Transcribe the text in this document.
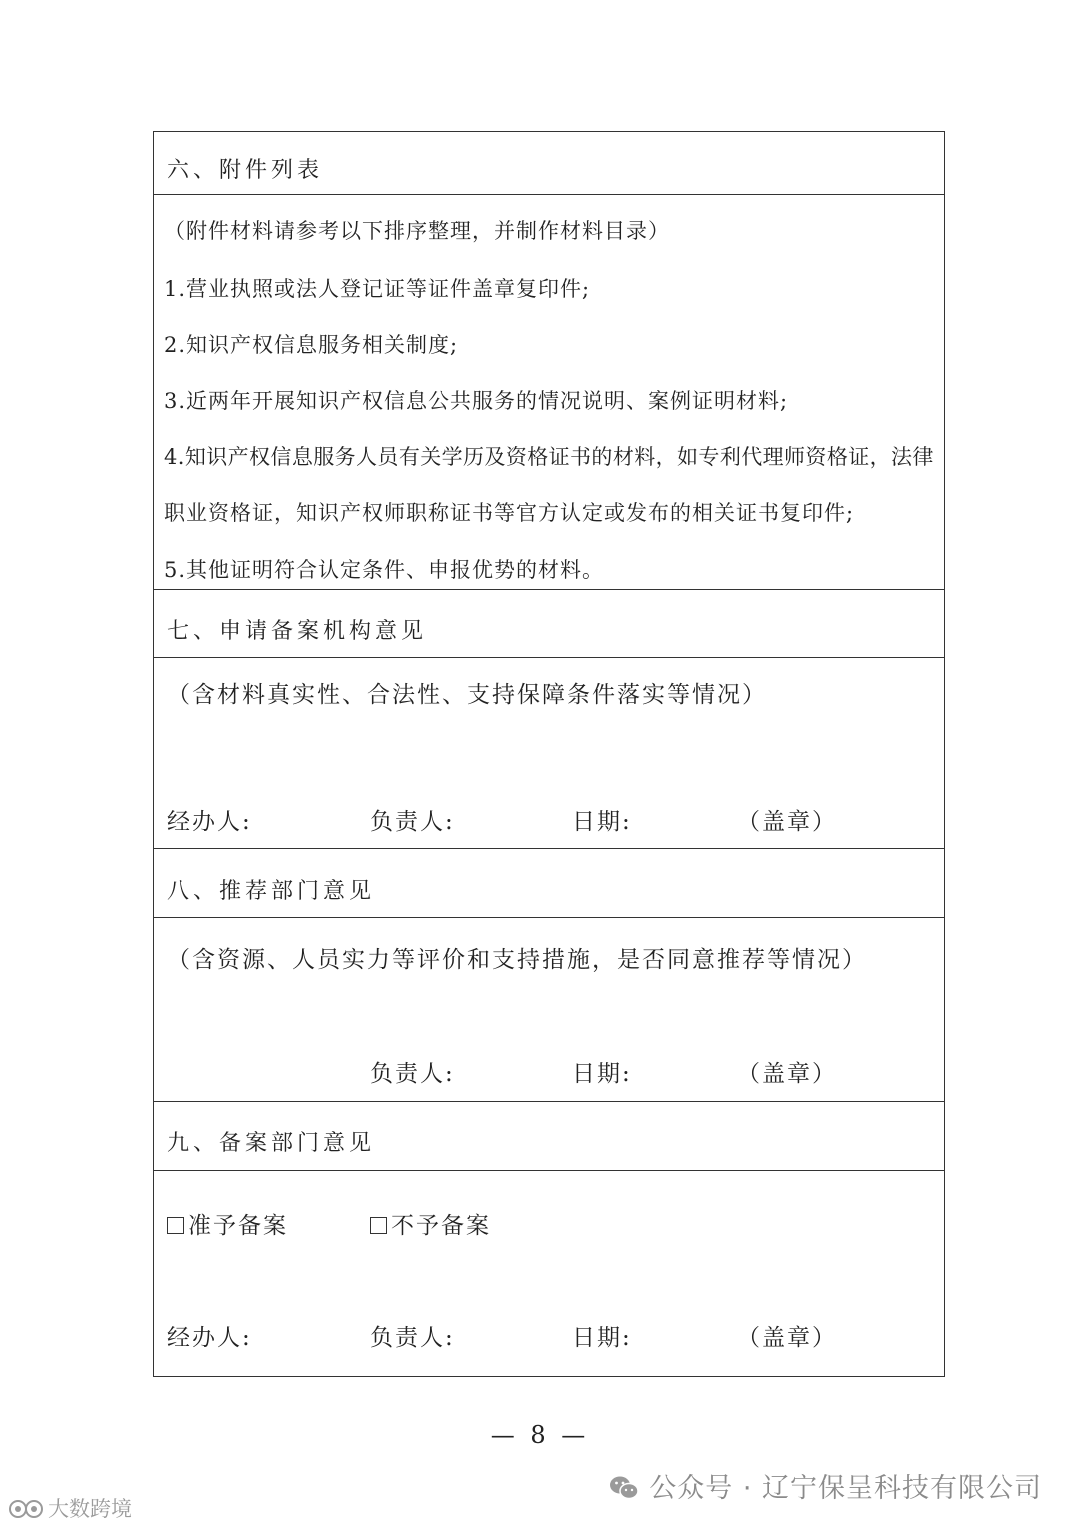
六、附件列表
（附件材料请参考以下排序整理，并制作材料目录）
1.营业执照或法人登记证等证件盖章复印件;
2.知识产权信息服务相关制度;
3.近两年开展知识产权信息公共服务的情况说明、案例证明材料;
4.知识产权信息服务人员有关学历及资格证书的材料，如专利代理师资格证，法律
职业资格证，知识产权师职称证书等官方认定或发布的相关证书复印件;
5.其他证明符合认定条件、申报优势的材料。
七、申请备案机构意见
（含材料真实性、合法性、支持保障条件落实等情况）
经办人:	负责人:	日期:	（盖章）
八、推荐部门意见
（含资源、人员实力等评价和支持措施，是否同意推荐等情况）
负责人:	日期:	（盖章）
九、备案部门意见
准予备案	不予备案
经办人:	负责人:	日期:	（盖章）
— 8 —
公众号 · 辽宁保呈科技有限公司
大数跨境
